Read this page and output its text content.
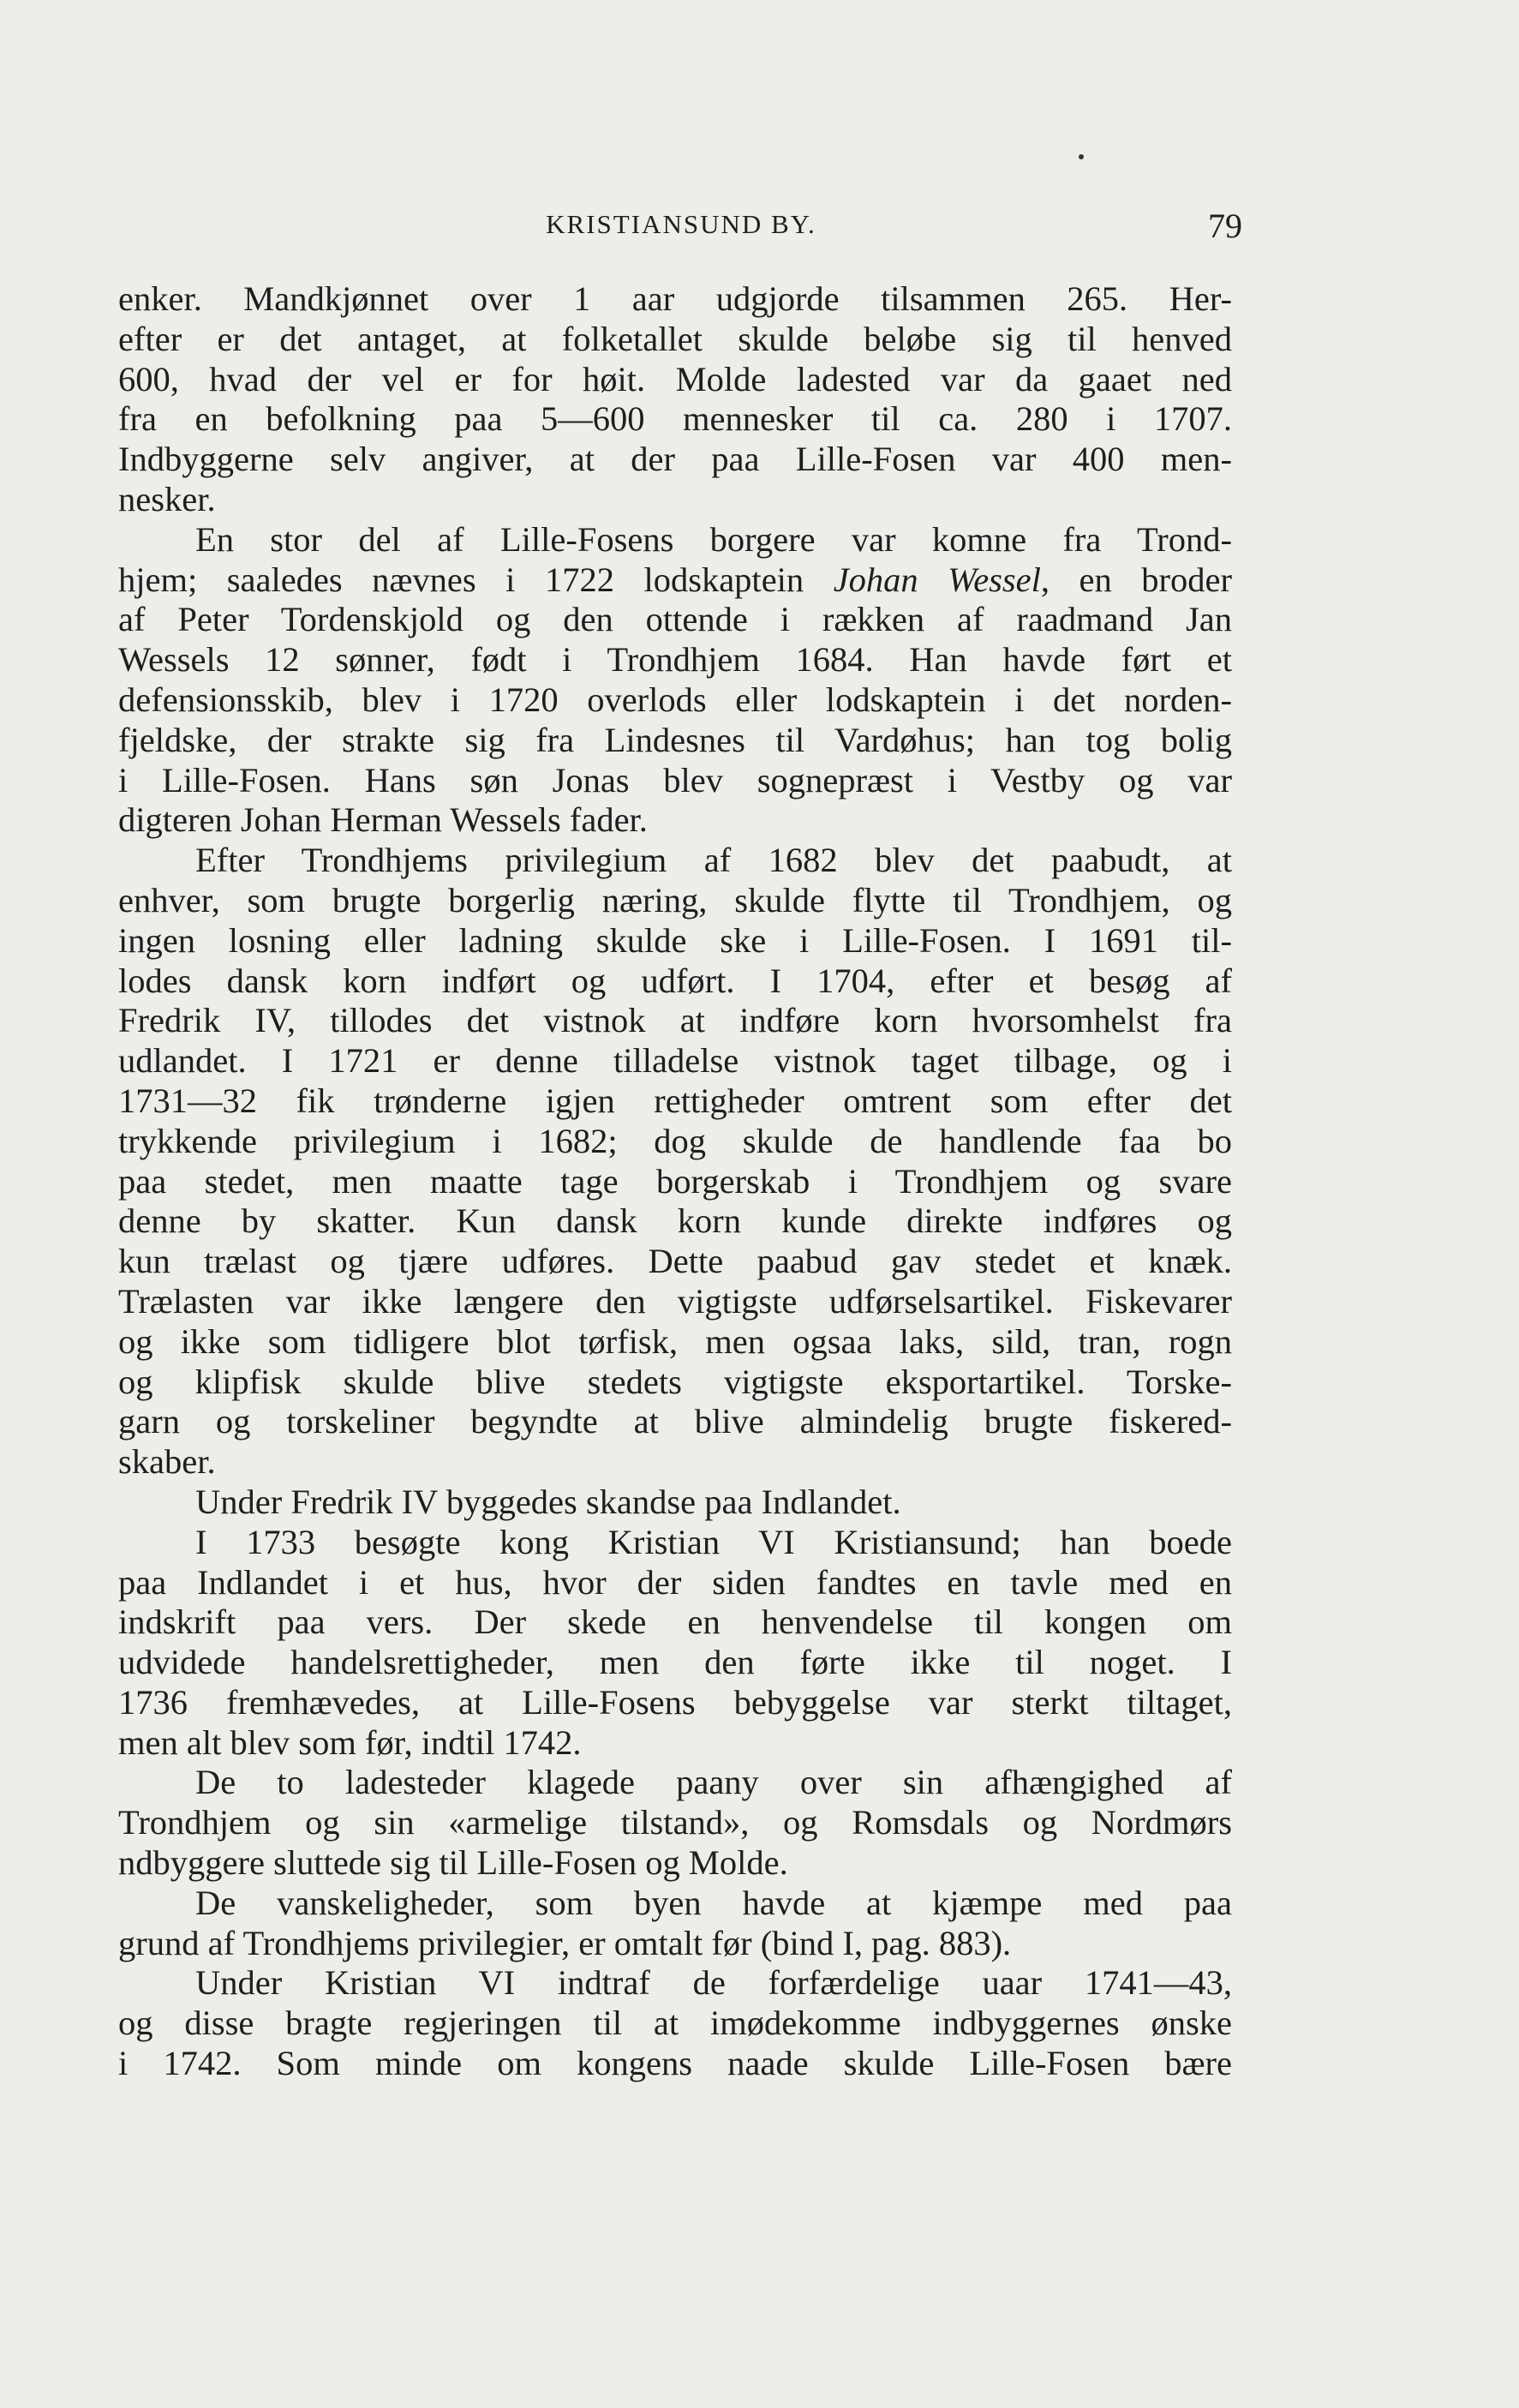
KRISTIANSUND BY.	79
enker. Mandkjønnet over 1 aar udgjorde tilsammen 265. Her-
efter er det antaget, at folketallet skulde beløbe sig til henved
600, hvad der vel er for høit. Molde ladested var da gaaet ned
fra en befolkning paa 5—600 mennesker til ca. 280 i 1707.
Indbyggerne selv angiver, at der paa Lille-Fosen var 400 men-
nesker.
En stor del af Lille-Fosens borgere var komne fra Trond-
hjem; saaledes nævnes i 1722 lodskaptein Johan Wessel, en broder
af Peter Tordenskjold og den ottende i rækken af raadmand Jan
Wessels 12 sønner, født i Trondhjem 1684. Han havde ført et
defensionsskib, blev i 1720 overlods eller lodskaptein i det norden-
fjeldske, der strakte sig fra Lindesnes til Vardøhus; han tog bolig
i Lille-Fosen. Hans søn Jonas blev sognepræst i Vestby og var
digteren Johan Herman Wessels fader.
Efter Trondhjems privilegium af 1682 blev det paabudt, at
enhver, som brugte borgerlig næring, skulde flytte til Trondhjem, og
ingen losning eller ladning skulde ske i Lille-Fosen. I 1691 til-
lodes dansk korn indført og udført. I 1704, efter et besøg af
Fredrik IV, tillodes det vistnok at indføre korn hvorsomhelst fra
udlandet. I 1721 er denne tilladelse vistnok taget tilbage, og i
1731—32 fik trønderne igjen rettigheder omtrent som efter det
trykkende privilegium i 1682; dog skulde de handlende faa bo
paa stedet, men maatte tage borgerskab i Trondhjem og svare
denne by skatter. Kun dansk korn kunde direkte indføres og
kun trælast og tjære udføres. Dette paabud gav stedet et knæk.
Trælasten var ikke længere den vigtigste udførselsartikel. Fiskevarer
og ikke som tidligere blot tørfisk, men ogsaa laks, sild, tran, rogn
og klipfisk skulde blive stedets vigtigste eksportartikel. Torske-
garn og torskeliner begyndte at blive almindelig brugte fiskered-
skaber.
Under Fredrik IV byggedes skandse paa Indlandet.
I 1733 besøgte kong Kristian VI Kristiansund; han boede
paa Indlandet i et hus, hvor der siden fandtes en tavle med en
indskrift paa vers. Der skede en henvendelse til kongen om
udvidede handelsrettigheder, men den førte ikke til noget. I
1736 fremhævedes, at Lille-Fosens bebyggelse var sterkt tiltaget,
men alt blev som før, indtil 1742.
De to ladesteder klagede paany over sin afhængighed af
Trondhjem og sin «armelige tilstand», og Romsdals og Nordmørs
ndbyggere sluttede sig til Lille-Fosen og Molde.
De vanskeligheder, som byen havde at kjæmpe med paa
grund af Trondhjems privilegier, er omtalt før (bind I, pag. 883).
Under Kristian VI indtraf de forfærdelige uaar 1741—43,
og disse bragte regjeringen til at imødekomme indbyggernes ønske
i 1742. Som minde om kongens naade skulde Lille-Fosen bære
